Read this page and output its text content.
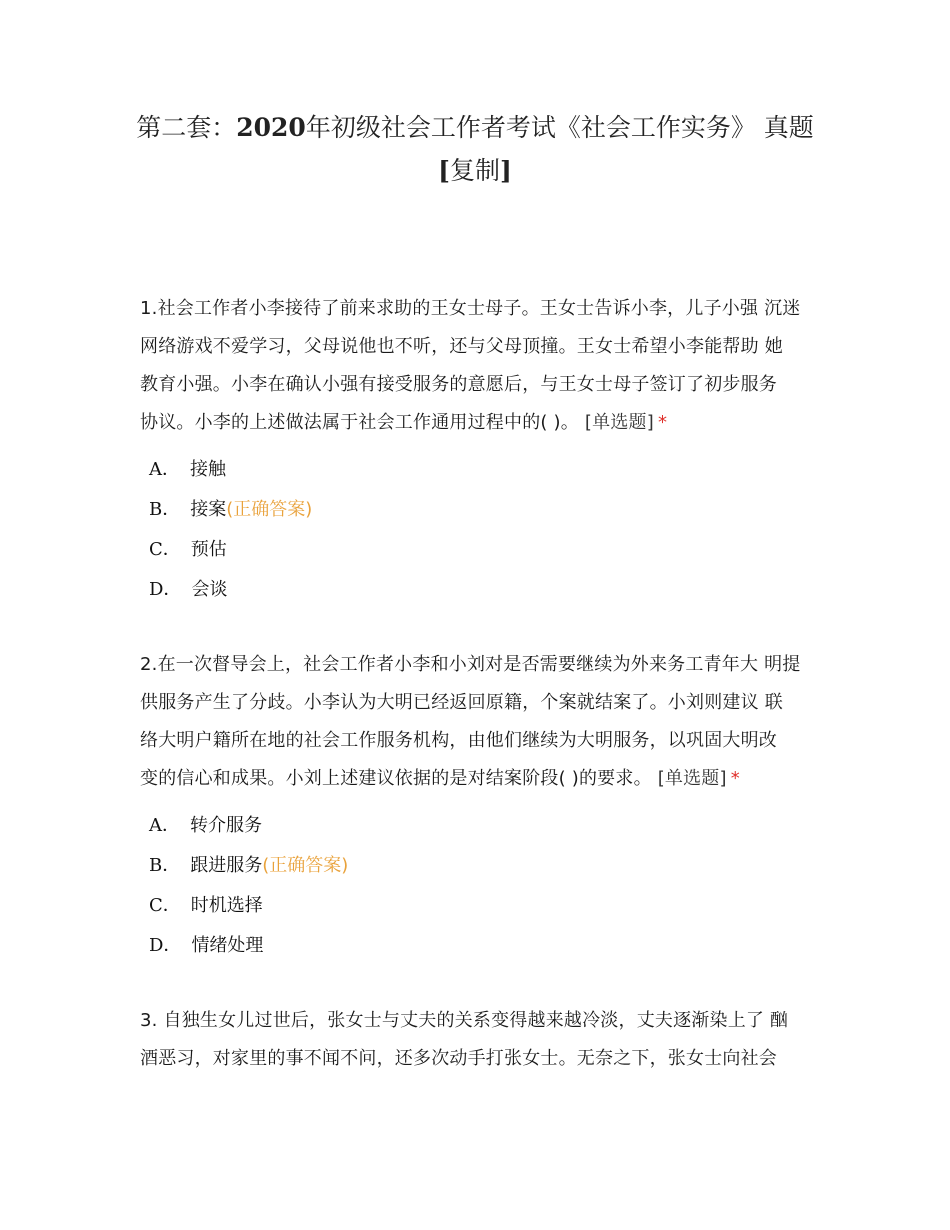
第二套：2020年初级社会工作者考试《社会工作实务》 真题
[复制]
1.社会工作者小李接待了前来求助的王女士母子。王女士告诉小李，儿子小强 沉迷
网络游戏不爱学习，父母说他也不听，还与父母顶撞。王女士希望小李能帮助 她
教育小强。小李在确认小强有接受服务的意愿后，与王女士母子签订了初步服务
协议。小李的上述做法属于社会工作通用过程中的( )。 [单选题] *
A． 接触
B． 接案(正确答案)
C． 预估
D． 会谈
2.在一次督导会上，社会工作者小李和小刘对是否需要继续为外来务工青年大 明提
供服务产生了分歧。小李认为大明已经返回原籍，个案就结案了。小刘则建议 联
络大明户籍所在地的社会工作服务机构，由他们继续为大明服务，以巩固大明改
变的信心和成果。小刘上述建议依据的是对结案阶段( )的要求。 [单选题] *
A． 转介服务
B． 跟进服务(正确答案)
C． 时机选择
D． 情绪处理
3. 自独生女儿过世后，张女士与丈夫的关系变得越来越冷淡，丈夫逐渐染上了 酗
酒恶习，对家里的事不闻不问，还多次动手打张女士。无奈之下，张女士向社会
